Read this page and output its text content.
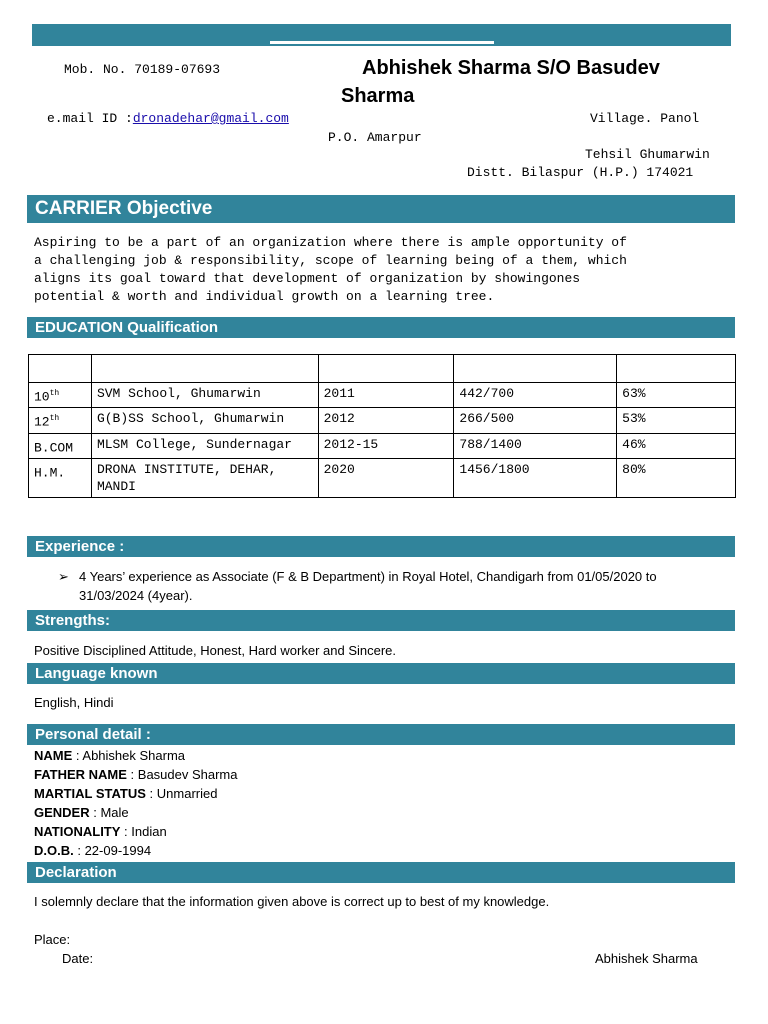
Mob. No. 70189-07693	Abhishek Sharma S/O Basudev
Sharma
e.mail ID :dronadehar@gmail.com	Village. Panol
P.O. Amarpur
Tehsil Ghumarwin
Distt. Bilaspur (H.P.) 174021
CARRIER Objective
Aspiring to be a part of an organization where there is ample opportunity of
a challenging job & responsibility, scope of learning being of a them, which
aligns its goal toward that development of organization by showingones
potential & worth and individual growth on a learning tree.
EDUCATION Qualification

10th	SVM School, Ghumarwin	2011	442/700	63%
12th	G(B)SS School, Ghumarwin	2012	266/500	53%
B.COM	MLSM College, Sundernagar	2012-15	788/1400	46%
H.M.	DRONA INSTITUTE, DEHAR, MANDI	2020	1456/1800	80%
Experience :
➢ 4 Years’ experience as Associate (F & B Department) in Royal Hotel, Chandigarh from 01/05/2020 to
31/03/2024 (4year).
Strengths:
Positive Disciplined Attitude, Honest, Hard worker and Sincere.
Language known
English, Hindi
Personal detail :
NAME : Abhishek Sharma
FATHER NAME : Basudev Sharma
MARTIAL STATUS : Unmarried
GENDER : Male
NATIONALITY : Indian
D.O.B. : 22-09-1994
Declaration
I solemnly declare that the information given above is correct up to best of my knowledge.
Place:
Date:	Abhishek Sharma
